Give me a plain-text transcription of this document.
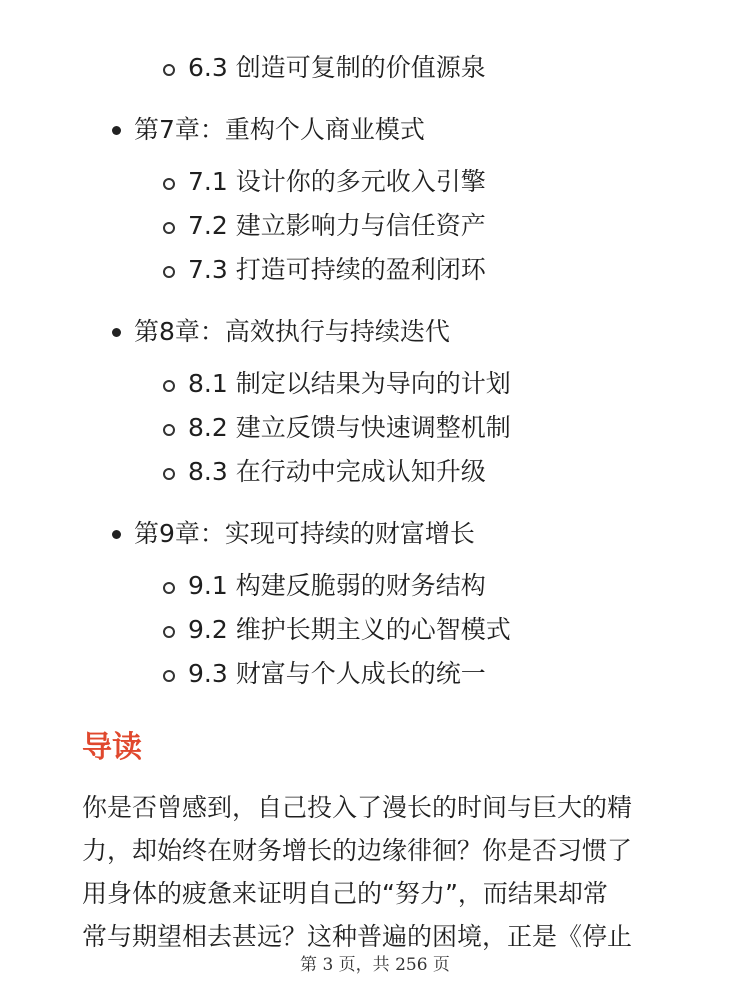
6.3 创造可复制的价值源泉
第7章：重构个人商业模式
7.1 设计你的多元收入引擎
7.2 建立影响力与信任资产
7.3 打造可持续的盈利闭环
第8章：高效执行与持续迭代
8.1 制定以结果为导向的计划
8.2 建立反馈与快速调整机制
8.3 在行动中完成认知升级
第9章：实现可持续的财富增长
9.1 构建反脆弱的财务结构
9.2 维护长期主义的心智模式
9.3 财富与个人成长的统一
导读

你是否曾感到，自己投入了漫长的时间与巨大的精
力，却始终在财务增长的边缘徘徊？你是否习惯了
用身体的疲惫来证明自己的“努力”，而结果却常
常与期望相去甚远？这种普遍的困境，正是《停止

第 3 页，共 256 页
